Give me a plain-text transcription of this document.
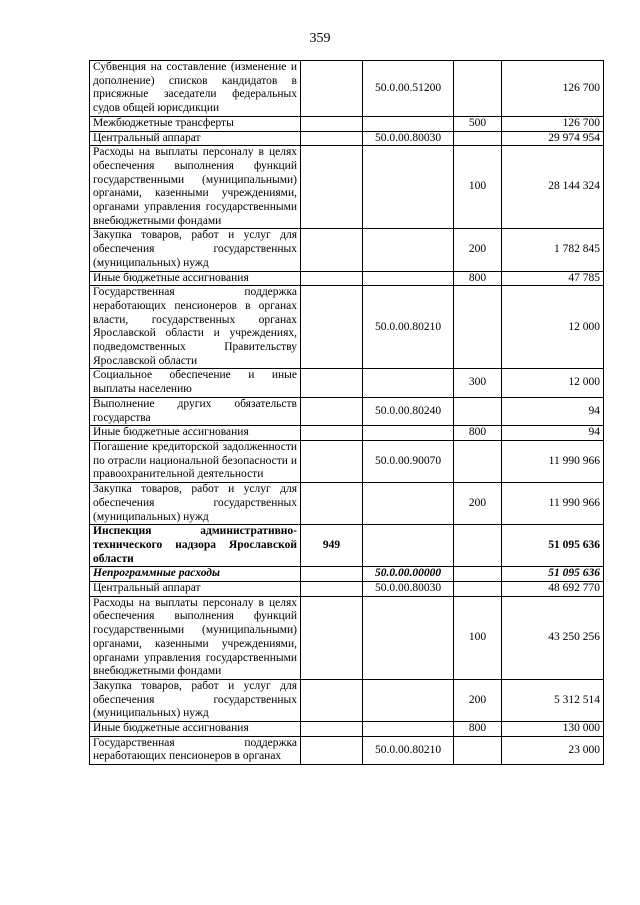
359
Субвенция на составление (изменение и дополнение) списков кандидатов в присяжные заседатели федеральных судов общей юрисдикции		50.0.00.51200		126 700
Межбюджетные трансферты			500	126 700
Центральный аппарат		50.0.00.80030		29 974 954
Расходы на выплаты персоналу в целях обеспечения выполнения функций государственными (муниципальными) органами, казенными учреждениями, органами управления государственными внебюджетными фондами			100	28 144 324
Закупка товаров, работ и услуг для обеспечения государственных (муниципальных) нужд			200	1 782 845
Иные бюджетные ассигнования			800	47 785
Государственная поддержка неработающих пенсионеров в органах власти, государственных органах Ярославской области и учреждениях, подведомственных Правительству Ярославской области		50.0.00.80210		12 000
Социальное обеспечение и иные выплаты населению			300	12 000
Выполнение других обязательств государства		50.0.00.80240		94
Иные бюджетные ассигнования			800	94
Погашение кредиторской задолженности по отрасли национальной безопасности и правоохранительной деятельности		50.0.00.90070		11 990 966
Закупка товаров, работ и услуг для обеспечения государственных (муниципальных) нужд			200	11 990 966
Инспекция административно-технического надзора Ярославской области	949			51 095 636
Непрограммные расходы		50.0.00.00000		51 095 636
Центральный аппарат		50.0.00.80030		48 692 770
Расходы на выплаты персоналу в целях обеспечения выполнения функций государственными (муниципальными) органами, казенными учреждениями, органами управления государственными внебюджетными фондами			100	43 250 256
Закупка товаров, работ и услуг для обеспечения государственных (муниципальных) нужд			200	5 312 514
Иные бюджетные ассигнования			800	130 000
Государственная поддержка неработающих пенсионеров в органах		50.0.00.80210		23 000
